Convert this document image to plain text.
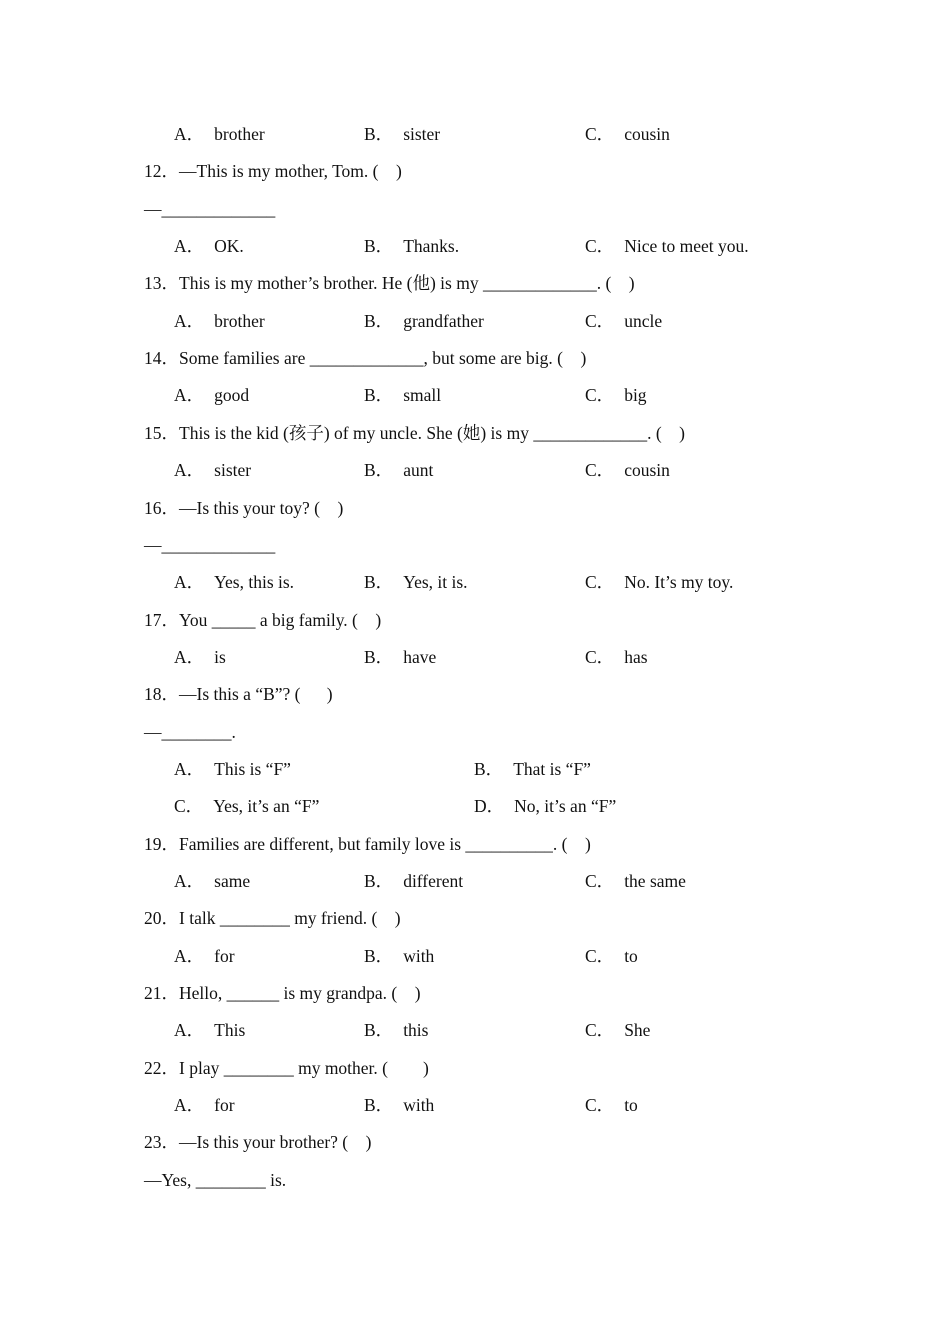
A． brother	B． sister	C． cousin
12．—This is my mother, Tom. (    )
—_____________
A． OK.	B． Thanks.	C． Nice to meet you.
13．This is my mother’s brother. He (他) is my _____________. (    )
A． brother	B． grandfather	C． uncle
14．Some families are _____________, but some are big. (    )
A． good	B． small	C． big
15．This is the kid (孩子) of my uncle. She (她) is my _____________. (    )
A． sister	B． aunt	C． cousin
16．—Is this your toy? (    )
—_____________
A． Yes, this is.	B． Yes, it is.	C． No. It’s my toy.
17．You _____ a big family. (    )
A． is	B． have	C． has
18．—Is this a “B”? (      )
—________.
A． This is “F”	B． That is “F”
C． Yes, it’s an “F”	D． No, it’s an “F”
19．Families are different, but family love is __________. (    )
A． same	B． different	C． the same
20．I talk ________ my friend. (    )
A． for	B． with	C． to
21．Hello, ______ is my grandpa. (    )
A． This	B． this	C． She
22．I play ________ my mother. (        )
A． for	B． with	C． to
23．—Is this your brother? (    )
—Yes, ________ is.
